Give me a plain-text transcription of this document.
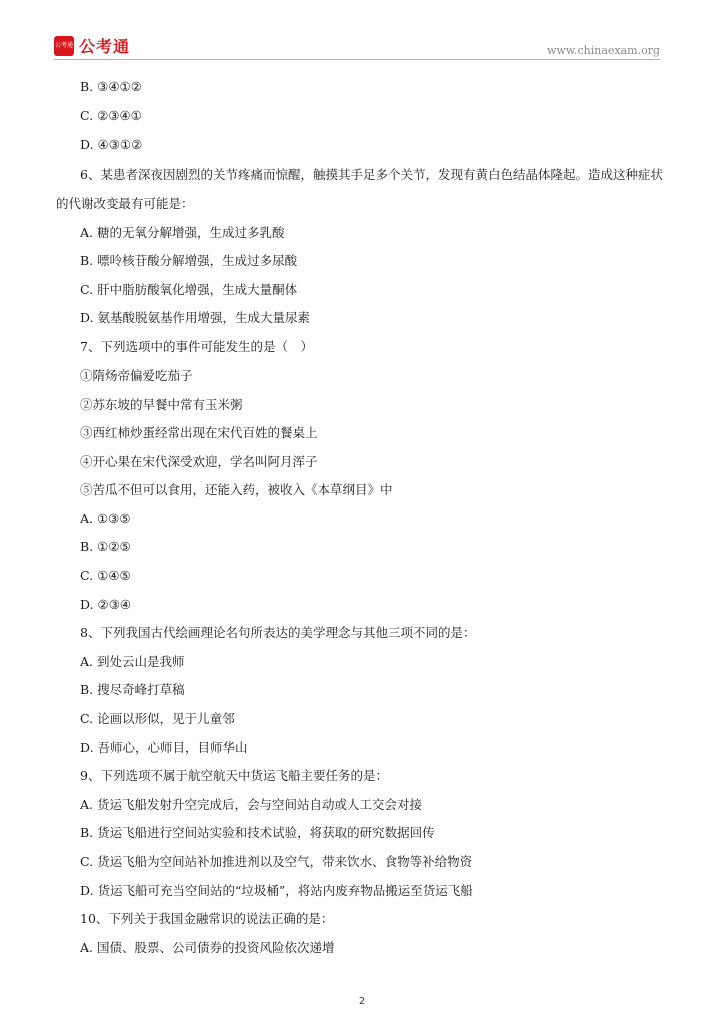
公考通 公考通	www.chinaexam.org
B. ③④①②
C. ②③④①
D. ④③①②
6、某患者深夜因剧烈的关节疼痛而惊醒，触摸其手足多个关节，发现有黄白色结晶体隆起。造成这种症状
的代谢改变最有可能是：
A. 糖的无氧分解增强，生成过多乳酸
B. 嘌呤核苷酸分解增强，生成过多尿酸
C. 肝中脂肪酸氧化增强，生成大量酮体
D. 氨基酸脱氨基作用增强，生成大量尿素
7、下列选项中的事件可能发生的是（　）
①隋炀帝偏爱吃茄子
②苏东坡的早餐中常有玉米粥
③西红柿炒蛋经常出现在宋代百姓的餐桌上
④开心果在宋代深受欢迎，学名叫阿月浑子
⑤苦瓜不但可以食用，还能入药，被收入《本草纲目》中
A. ①③⑤
B. ①②⑤
C. ①④⑤
D. ②③④
8、下列我国古代绘画理论名句所表达的美学理念与其他三项不同的是：
A. 到处云山是我师
B. 搜尽奇峰打草稿
C. 论画以形似，见于儿童邻
D. 吾师心，心师目，目师华山
9、下列选项不属于航空航天中货运飞船主要任务的是：
A. 货运飞船发射升空完成后，会与空间站自动或人工交会对接
B. 货运飞船进行空间站实验和技术试验，将获取的研究数据回传
C. 货运飞船为空间站补加推进剂以及空气，带来饮水、食物等补给物资
D. 货运飞船可充当空间站的“垃圾桶”，将站内废弃物品搬运至货运飞船
10、下列关于我国金融常识的说法正确的是：
A. 国债、股票、公司债券的投资风险依次递增
2
